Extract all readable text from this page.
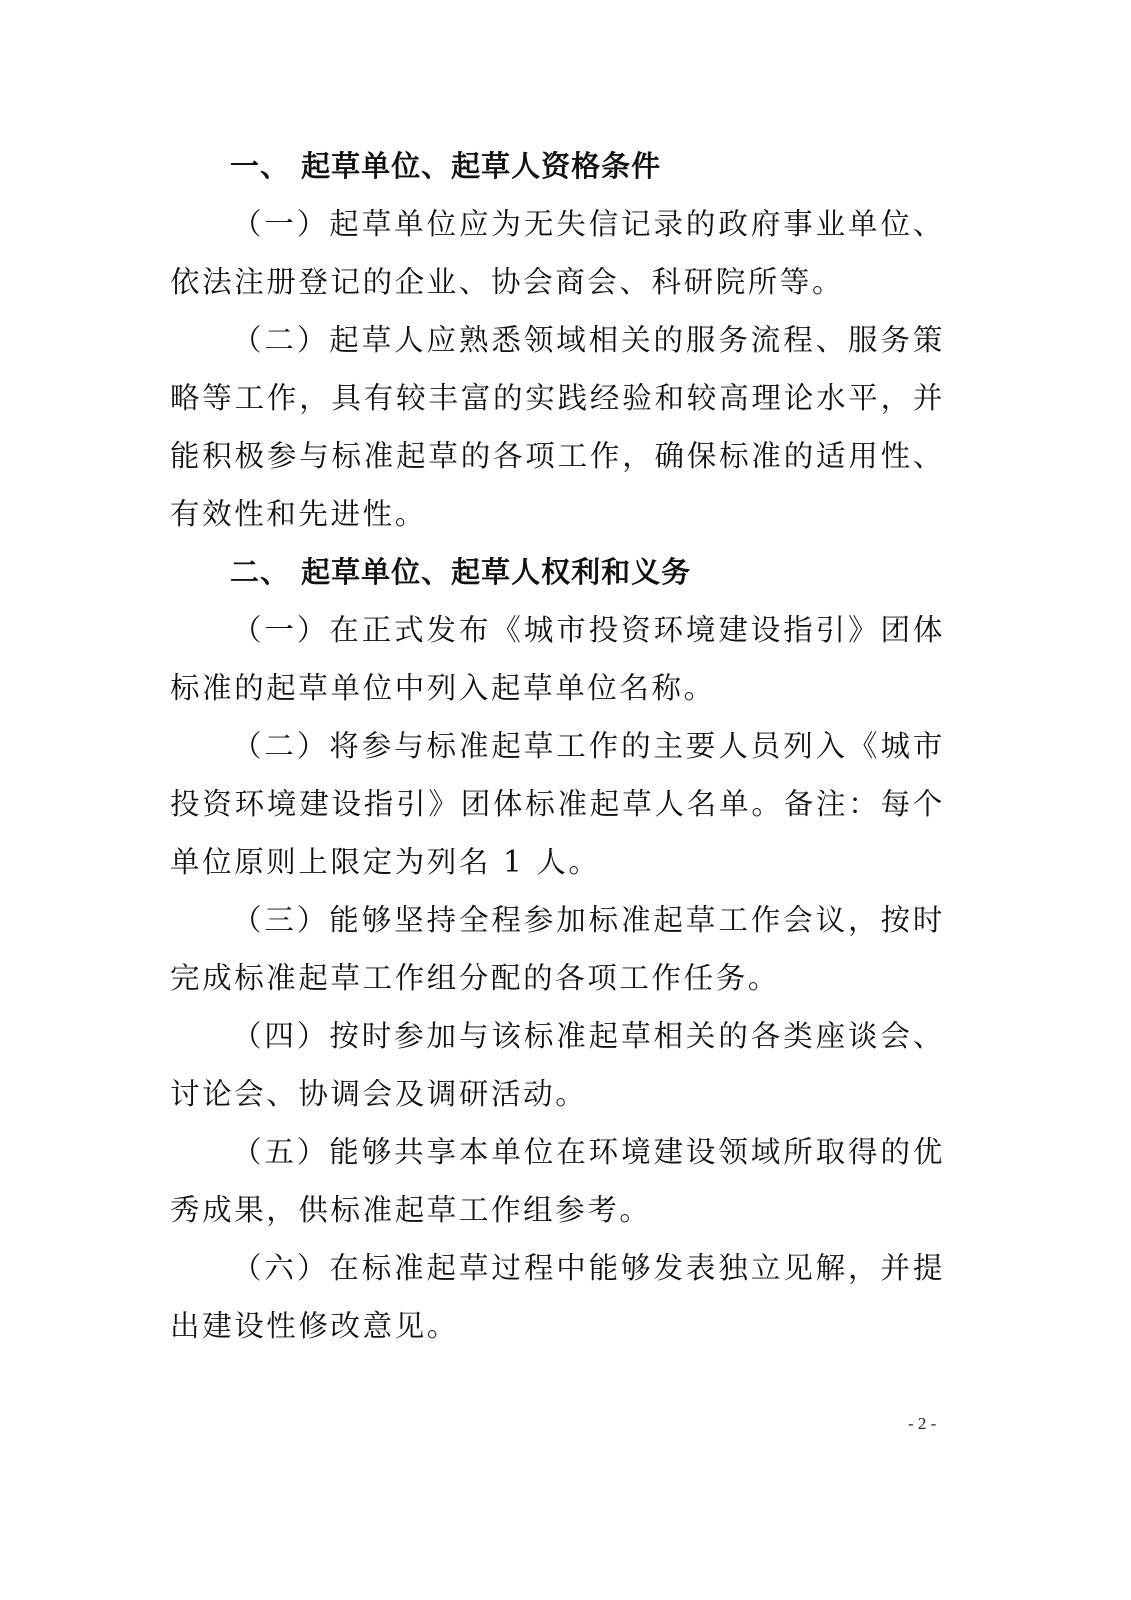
一、 起草单位、起草人资格条件

（一）起草单位应为无失信记录的政府事业单位、依法注册登记的企业、协会商会、科研院所等。

（二）起草人应熟悉领域相关的服务流程、服务策略等工作，具有较丰富的实践经验和较高理论水平，并能积极参与标准起草的各项工作，确保标准的适用性、有效性和先进性。

二、 起草单位、起草人权利和义务

（一）在正式发布《城市投资环境建设指引》团体标准的起草单位中列入起草单位名称。

（二）将参与标准起草工作的主要人员列入《城市投资环境建设指引》团体标准起草人名单。备注：每个单位原则上限定为列名 1 人。

（三）能够坚持全程参加标准起草工作会议，按时完成标准起草工作组分配的各项工作任务。

（四）按时参加与该标准起草相关的各类座谈会、讨论会、协调会及调研活动。

（五）能够共享本单位在环境建设领域所取得的优秀成果，供标准起草工作组参考。

（六）在标准起草过程中能够发表独立见解，并提出建设性修改意见。

- 2 -
